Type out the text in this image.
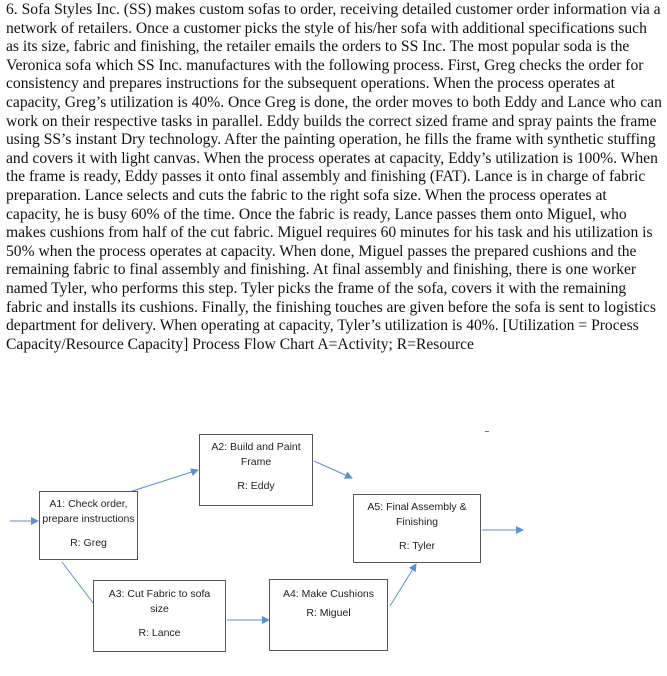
6. Sofa Styles Inc. (SS) makes custom sofas to order, receiving detailed customer order information via a network of retailers. Once a customer picks the style of his/her sofa with additional specifications such as its size, fabric and finishing, the retailer emails the orders to SS Inc. The most popular soda is the Veronica sofa which SS Inc. manufactures with the following process. First, Greg checks the order for consistency and prepares instructions for the subsequent operations. When the process operates at capacity, Greg’s utilization is 40%. Once Greg is done, the order moves to both Eddy and Lance who can work on their respective tasks in parallel. Eddy builds the correct sized frame and spray paints the frame using SS’s instant Dry technology. After the painting operation, he fills the frame with synthetic stuffing and covers it with light canvas. When the process operates at capacity, Eddy’s utilization is 100%. When the frame is ready, Eddy passes it onto final assembly and finishing (FAT). Lance is in charge of fabric preparation. Lance selects and cuts the fabric to the right sofa size. When the process operates at capacity, he is busy 60% of the time. Once the fabric is ready, Lance passes them onto Miguel, who makes cushions from half of the cut fabric. Miguel requires 60 minutes for his task and his utilization is 50% when the process operates at capacity. When done, Miguel passes the prepared cushions and the remaining fabric to final assembly and finishing. At final assembly and finishing, there is one worker named Tyler, who performs this step. Tyler picks the frame of the sofa, covers it with the remaining fabric and installs its cushions. Finally, the finishing touches are given before the sofa is sent to logistics department for delivery. When operating at capacity, Tyler’s utilization is 40%. [Utilization = Process Capacity/Resource Capacity] Process Flow Chart A=Activity; R=Resource

A1: Check order,
prepare instructions
R: Greg
A2: Build and Paint
Frame
R: Eddy
A3: Cut Fabric to sofa
size
R: Lance
A4: Make Cushions
R: Miguel
A5: Final Assembly &
Finishing
R: Tyler
